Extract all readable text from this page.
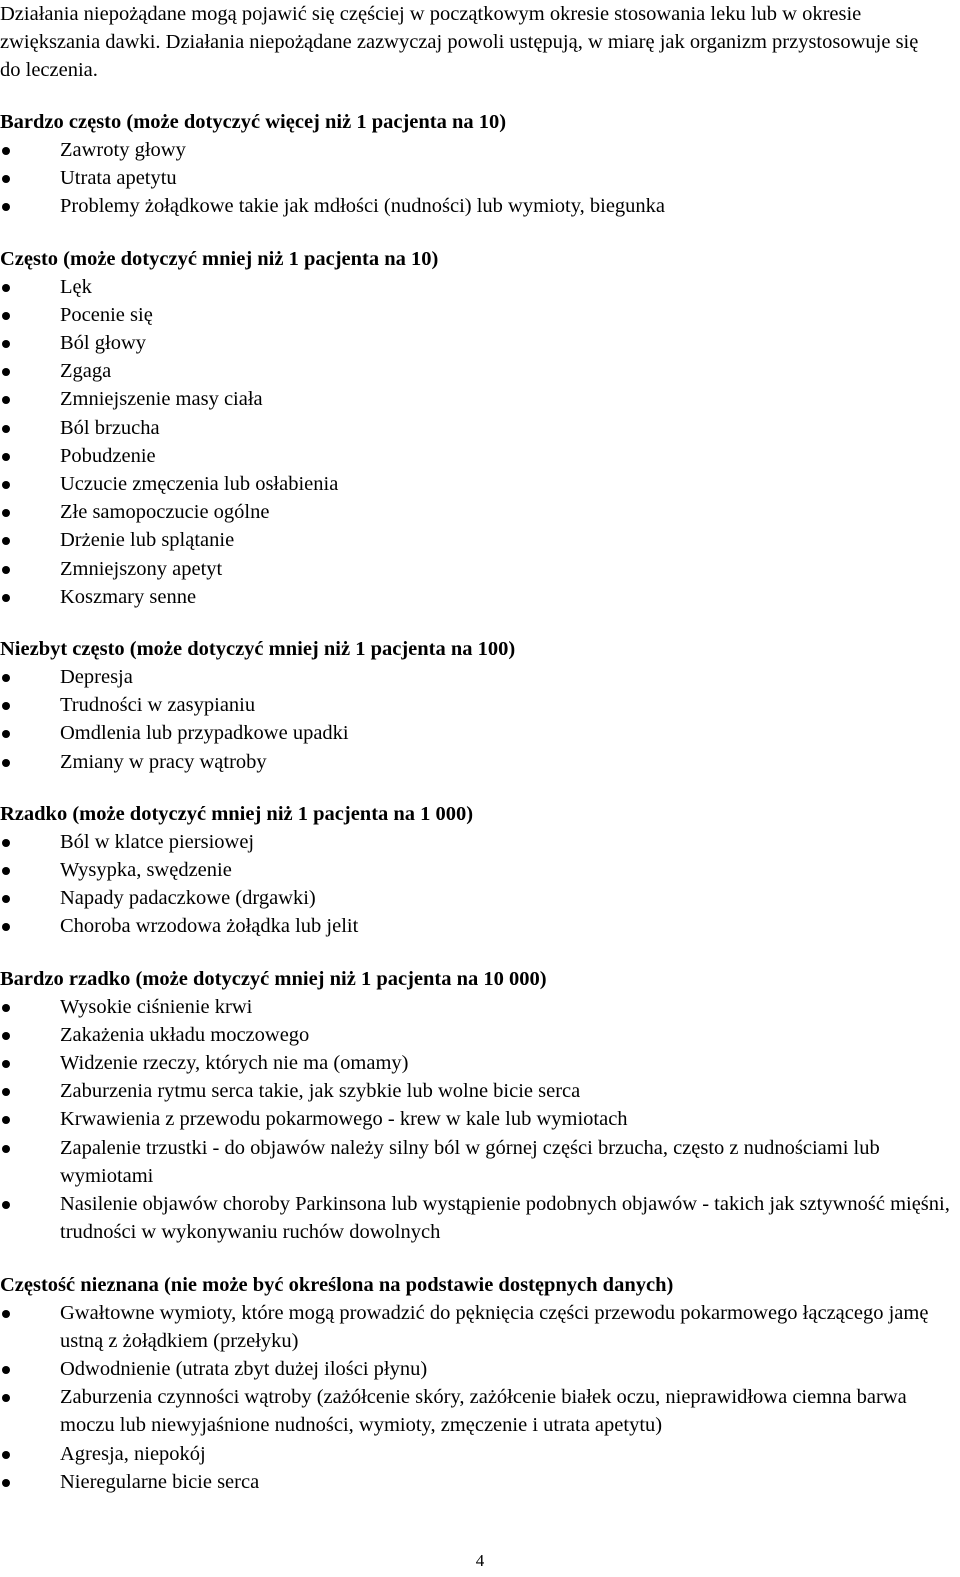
Działania niepożądane mogą pojawić się częściej w początkowym okresie stosowania leku lub w okresie zwiększania dawki. Działania niepożądane zazwyczaj powoli ustępują, w miarę jak organizm przystosowuje się do leczenia.

Bardzo często (może dotyczyć więcej niż 1 pacjenta na 10)

Zawroty głowy
Utrata apetytu
Problemy żołądkowe takie jak mdłości (nudności) lub wymioty, biegunka

Często (może dotyczyć mniej niż 1 pacjenta na 10)

Lęk
Pocenie się
Ból głowy
Zgaga
Zmniejszenie masy ciała
Ból brzucha
Pobudzenie
Uczucie zmęczenia lub osłabienia
Złe samopoczucie ogólne
Drżenie lub splątanie
Zmniejszony apetyt
Koszmary senne

Niezbyt często (może dotyczyć mniej niż 1 pacjenta na 100)

Depresja
Trudności w zasypianiu
Omdlenia lub przypadkowe upadki
Zmiany w pracy wątroby

Rzadko (może dotyczyć mniej niż 1 pacjenta na 1 000)

Ból w klatce piersiowej
Wysypka, swędzenie
Napady padaczkowe (drgawki)
Choroba wrzodowa żołądka lub jelit

Bardzo rzadko (może dotyczyć mniej niż 1 pacjenta na 10 000)

Wysokie ciśnienie krwi
Zakażenia układu moczowego
Widzenie rzeczy, których nie ma (omamy)
Zaburzenia rytmu serca takie, jak szybkie lub wolne bicie serca
Krwawienia z przewodu pokarmowego - krew w kale lub wymiotach
Zapalenie trzustki - do objawów należy silny ból w górnej części brzucha, często z nudnościami lub wymiotami
Nasilenie objawów choroby Parkinsona lub wystąpienie podobnych objawów - takich jak sztywność mięśni, trudności w wykonywaniu ruchów dowolnych

Częstość nieznana (nie może być określona na podstawie dostępnych danych)

Gwałtowne wymioty, które mogą prowadzić do pęknięcia części przewodu pokarmowego łączącego jamę ustną z żołądkiem (przełyku)
Odwodnienie (utrata zbyt dużej ilości płynu)
Zaburzenia czynności wątroby (zażółcenie skóry, zażółcenie białek oczu, nieprawidłowa ciemna barwa moczu lub niewyjaśnione nudności, wymioty, zmęczenie i utrata apetytu)
Agresja, niepokój
Nieregularne bicie serca
4
